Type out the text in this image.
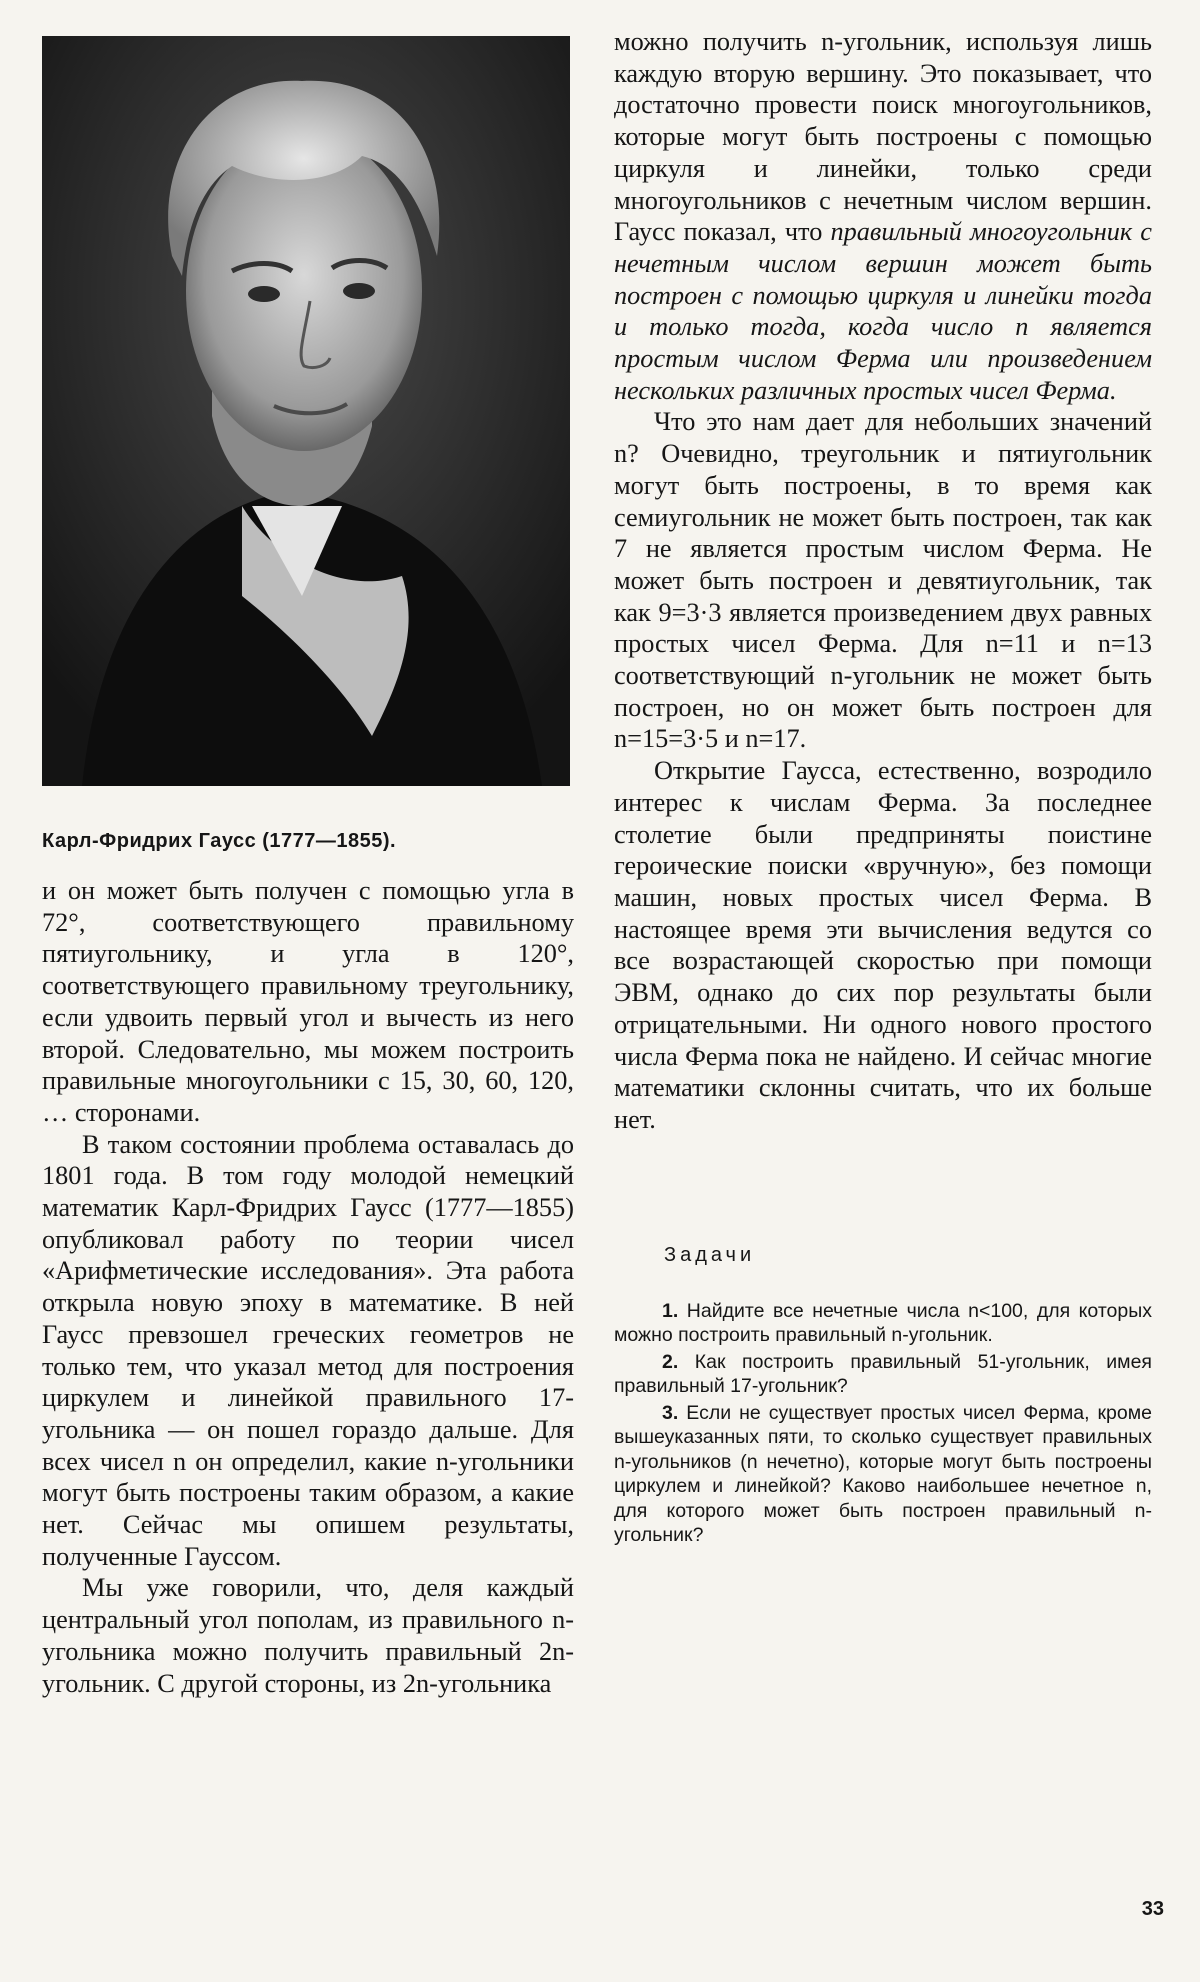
Карл-Фридрих Гаусс (1777—1855).

и он может быть получен с помощью угла в 72°, соответствующего правильному пятиугольнику, и угла в 120°, соответствующего правильному треугольнику, если удвоить первый угол и вычесть из него второй. Следовательно, мы можем построить правильные многоугольники с 15, 30, 60, 120, … сторонами.

В таком состоянии проблема оставалась до 1801 года. В том году молодой немецкий математик Карл-Фридрих Гаусс (1777—1855) опубликовал работу по теории чисел «Арифметические исследования». Эта работа открыла новую эпоху в математике. В ней Гаусс превзошел греческих геометров не только тем, что указал метод для построения циркулем и линейкой правильного 17-угольника — он пошел гораздо дальше. Для всех чисел n он определил, какие n-угольники могут быть построены таким образом, а какие нет. Сейчас мы опишем результаты, полученные Гауссом.

Мы уже говорили, что, деля каждый центральный угол пополам, из правильного n-угольника можно получить правильный 2n-угольник. С другой стороны, из 2n-угольника

можно получить n-угольник, используя лишь каждую вторую вершину. Это показывает, что достаточно провести поиск многоугольников, которые могут быть построены с помощью циркуля и линейки, только среди многоугольников с нечетным числом вершин. Гаусс показал, что правильный многоугольник с нечетным числом вершин может быть построен с помощью циркуля и линейки тогда и только тогда, когда число n является простым числом Ферма или произведением нескольких различных простых чисел Ферма.

Что это нам дает для небольших значений n? Очевидно, треугольник и пятиугольник могут быть построены, в то время как семиугольник не может быть построен, так как 7 не является простым числом Ферма. Не может быть построен и девятиугольник, так как 9=3·3 является произведением двух равных простых чисел Ферма. Для n=11 и n=13 соответствующий n-угольник не может быть построен, но он может быть построен для n=15=3·5 и n=17.

Открытие Гаусса, естественно, возродило интерес к числам Ферма. За последнее столетие были предприняты поистине героические поиски «вручную», без помощи машин, новых простых чисел Ферма. В настоящее время эти вычисления ведутся со все возрастающей скоростью при помощи ЭВМ, однако до сих пор результаты были отрицательными. Ни одного нового простого числа Ферма пока не найдено. И сейчас многие математики склонны считать, что их больше нет.

Задачи

1. Найдите все нечетные числа n<100, для которых можно построить правильный n-угольник.

2. Как построить правильный 51-угольник, имея правильный 17-угольник?

3. Если не существует простых чисел Ферма, кроме вышеуказанных пяти, то сколько существует правильных n-угольников (n нечетно), которые могут быть построены циркулем и линейкой? Каково наибольшее нечетное n, для которого может быть построен правильный n-угольник?

33
